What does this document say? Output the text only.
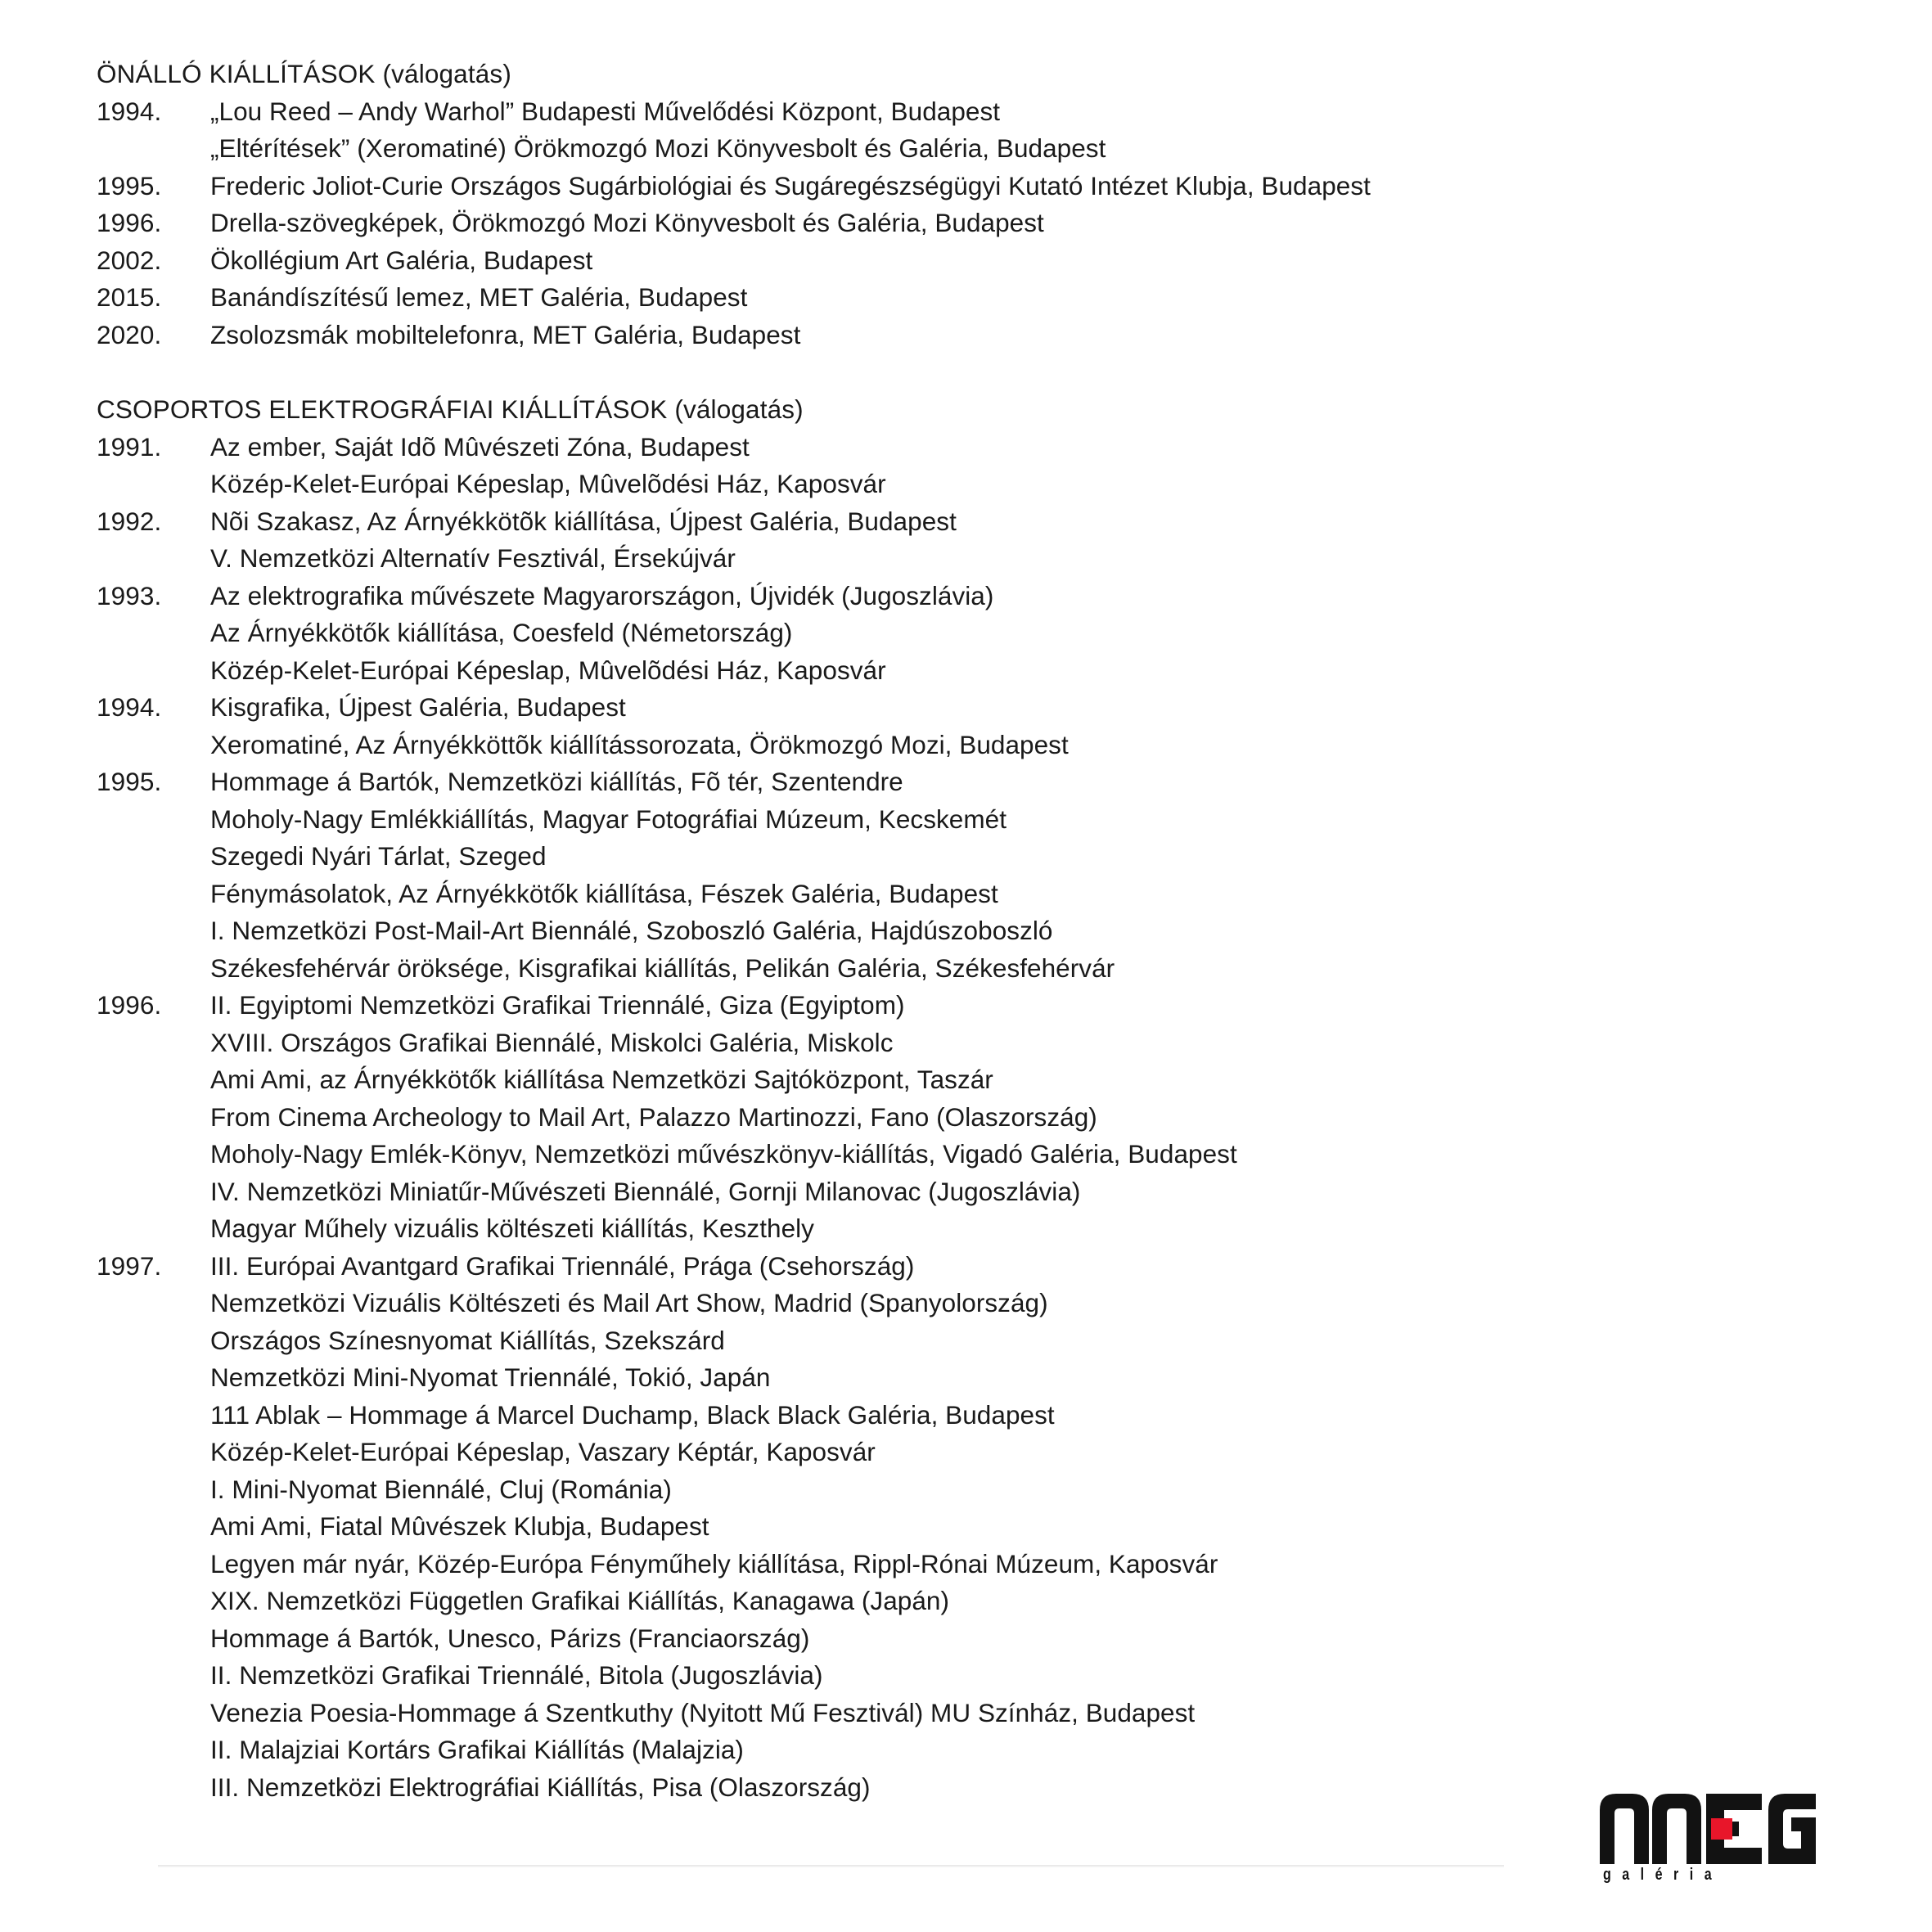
ÖNÁLLÓ KIÁLLÍTÁSOK (válogatás)
1994.	„Lou Reed – Andy Warhol” Budapesti Művelődési Központ, Budapest
„Eltérítések” (Xeromatiné) Örökmozgó Mozi Könyvesbolt és Galéria, Budapest
1995.	Frederic Joliot-Curie Országos Sugárbiológiai és Sugáregészségügyi Kutató Intézet Klubja, Budapest
1996.	Drella-szövegképek, Örökmozgó Mozi Könyvesbolt és Galéria, Budapest
2002.	Ökollégium Art Galéria, Budapest
2015.	Banándíszítésű lemez, MET Galéria, Budapest
2020.	Zsolozsmák mobiltelefonra, MET Galéria, Budapest
CSOPORTOS ELEKTROGRÁFIAI KIÁLLÍTÁSOK (válogatás)
1991.	Az ember, Saját Idõ Mûvészeti Zóna, Budapest
Közép-Kelet-Európai Képeslap, Mûvelõdési Ház, Kaposvár
1992.	Nõi Szakasz, Az Árnyékkötõk kiállítása, Újpest Galéria, Budapest
V. Nemzetközi Alternatív Fesztivál, Érsekújvár
1993.	Az elektrografika művészete Magyarországon, Újvidék (Jugoszlávia)
Az Árnyékkötők kiállítása, Coesfeld (Németország)
Közép-Kelet-Európai Képeslap, Mûvelõdési Ház, Kaposvár
1994.	Kisgrafika, Újpest Galéria, Budapest
Xeromatiné, Az Árnyékköttõk kiállítássorozata, Örökmozgó Mozi, Budapest
1995.	Hommage á Bartók, Nemzetközi kiállítás, Fõ tér, Szentendre
Moholy-Nagy Emlékkiállítás, Magyar Fotográfiai Múzeum, Kecskemét
Szegedi Nyári Tárlat, Szeged
Fénymásolatok, Az Árnyékkötők kiállítása, Fészek Galéria, Budapest
I. Nemzetközi Post-Mail-Art Biennálé, Szoboszló Galéria, Hajdúszoboszló
Székesfehérvár öröksége, Kisgrafikai kiállítás, Pelikán Galéria, Székesfehérvár
1996.	II. Egyiptomi Nemzetközi Grafikai Triennálé, Giza (Egyiptom)
XVIII. Országos Grafikai Biennálé, Miskolci Galéria, Miskolc
Ami Ami, az Árnyékkötők kiállítása Nemzetközi Sajtóközpont, Taszár
From Cinema Archeology to Mail Art, Palazzo Martinozzi, Fano (Olaszország)
Moholy-Nagy Emlék-Könyv, Nemzetközi művészkönyv-kiállítás, Vigadó Galéria, Budapest
IV. Nemzetközi Miniatűr-Művészeti Biennálé, Gornji Milanovac (Jugoszlávia)
Magyar Műhely vizuális költészeti kiállítás, Keszthely
1997.	III. Európai Avantgard Grafikai Triennálé, Prága (Csehország)
Nemzetközi Vizuális Költészeti és Mail Art Show, Madrid (Spanyolország)
Országos Színesnyomat Kiállítás, Szekszárd
Nemzetközi Mini-Nyomat Triennálé, Tokió, Japán
111 Ablak – Hommage á Marcel Duchamp, Black Black Galéria, Budapest
Közép-Kelet-Európai Képeslap, Vaszary Képtár, Kaposvár
I. Mini-Nyomat Biennálé, Cluj (Románia)
Ami Ami, Fiatal Mûvészek Klubja, Budapest
Legyen már nyár, Közép-Európa Fényműhely kiállítása, Rippl-Rónai Múzeum, Kaposvár
XIX. Nemzetközi Független Grafikai Kiállítás, Kanagawa (Japán)
Hommage á Bartók, Unesco, Párizs (Franciaország)
II. Nemzetközi Grafikai Triennálé, Bitola (Jugoszlávia)
Venezia Poesia-Hommage á Szentkuthy (Nyitott Mű Fesztivál) MU Színház, Budapest
II. Malajziai Kortárs Grafikai Kiállítás (Malajzia)
III. Nemzetközi Elektrográfiai Kiállítás, Pisa (Olaszország)
galéria
